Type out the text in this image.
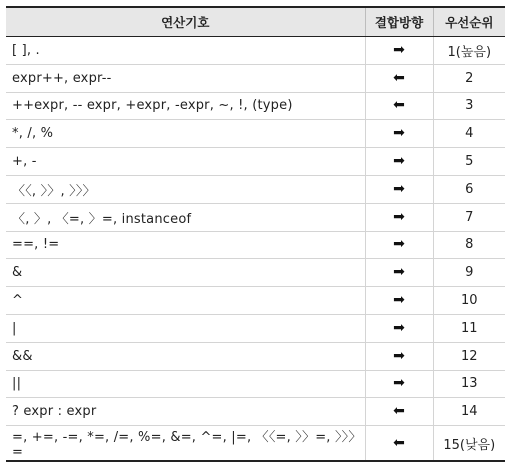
연산기호	결합방향	우선순위
[ ], .	➡	1(높음)
expr++, expr--	⬅	2
++expr, -- expr, +expr, -expr, ~, !, (type)	⬅	3
*, /, %	➡	4
+, -	➡	5
〈〈, 〉〉, 〉〉〉	➡	6
〈, 〉, 〈=, 〉=, instanceof	➡	7
==, !=	➡	8
&	➡	9
^	➡	10
|	➡	11
&&	➡	12
||	➡	13
? expr : expr	⬅	14
=, +=, -=, *=, /=, %=, &=, ^=, |=, 〈〈=, 〉〉=, 〉〉〉=	⬅	15(낮음)
